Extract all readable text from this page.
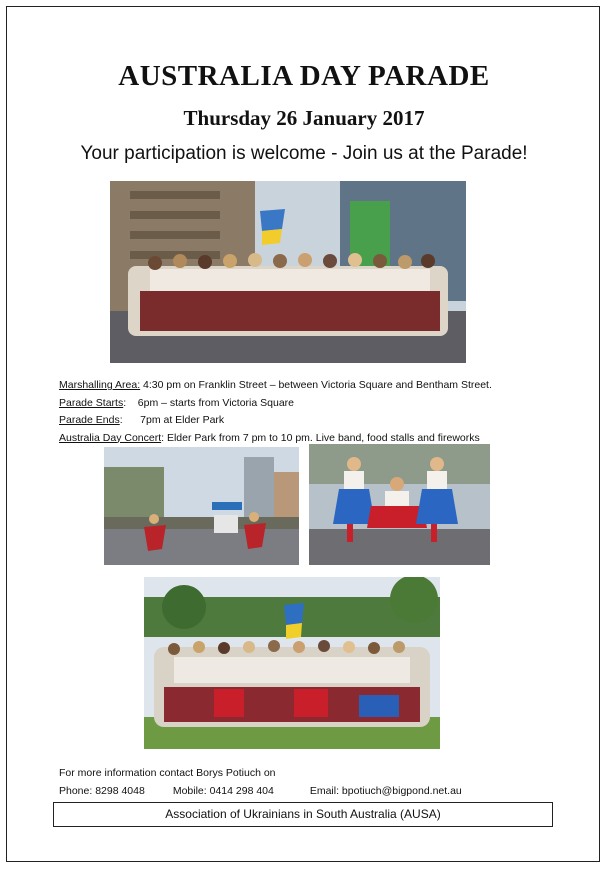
AUSTRALIA DAY PARADE
Thursday 26 January 2017
Your participation is welcome - Join us at the Parade!
Marshalling Area: 4:30 pm on Franklin Street – between Victoria Square and Bentham Street.
Parade Starts:    6pm – starts from Victoria Square
Parade Ends:      7pm at Elder Park
Australia Day Concert: Elder Park from 7 pm to 10 pm. Live band, food stalls and fireworks
For more information contact Borys Potiuch on
Phone: 8298 4048	Mobile: 0414 298 404	Email: bpotiuch@bigpond.net.au
Association of Ukrainians in South Australia (AUSA)
